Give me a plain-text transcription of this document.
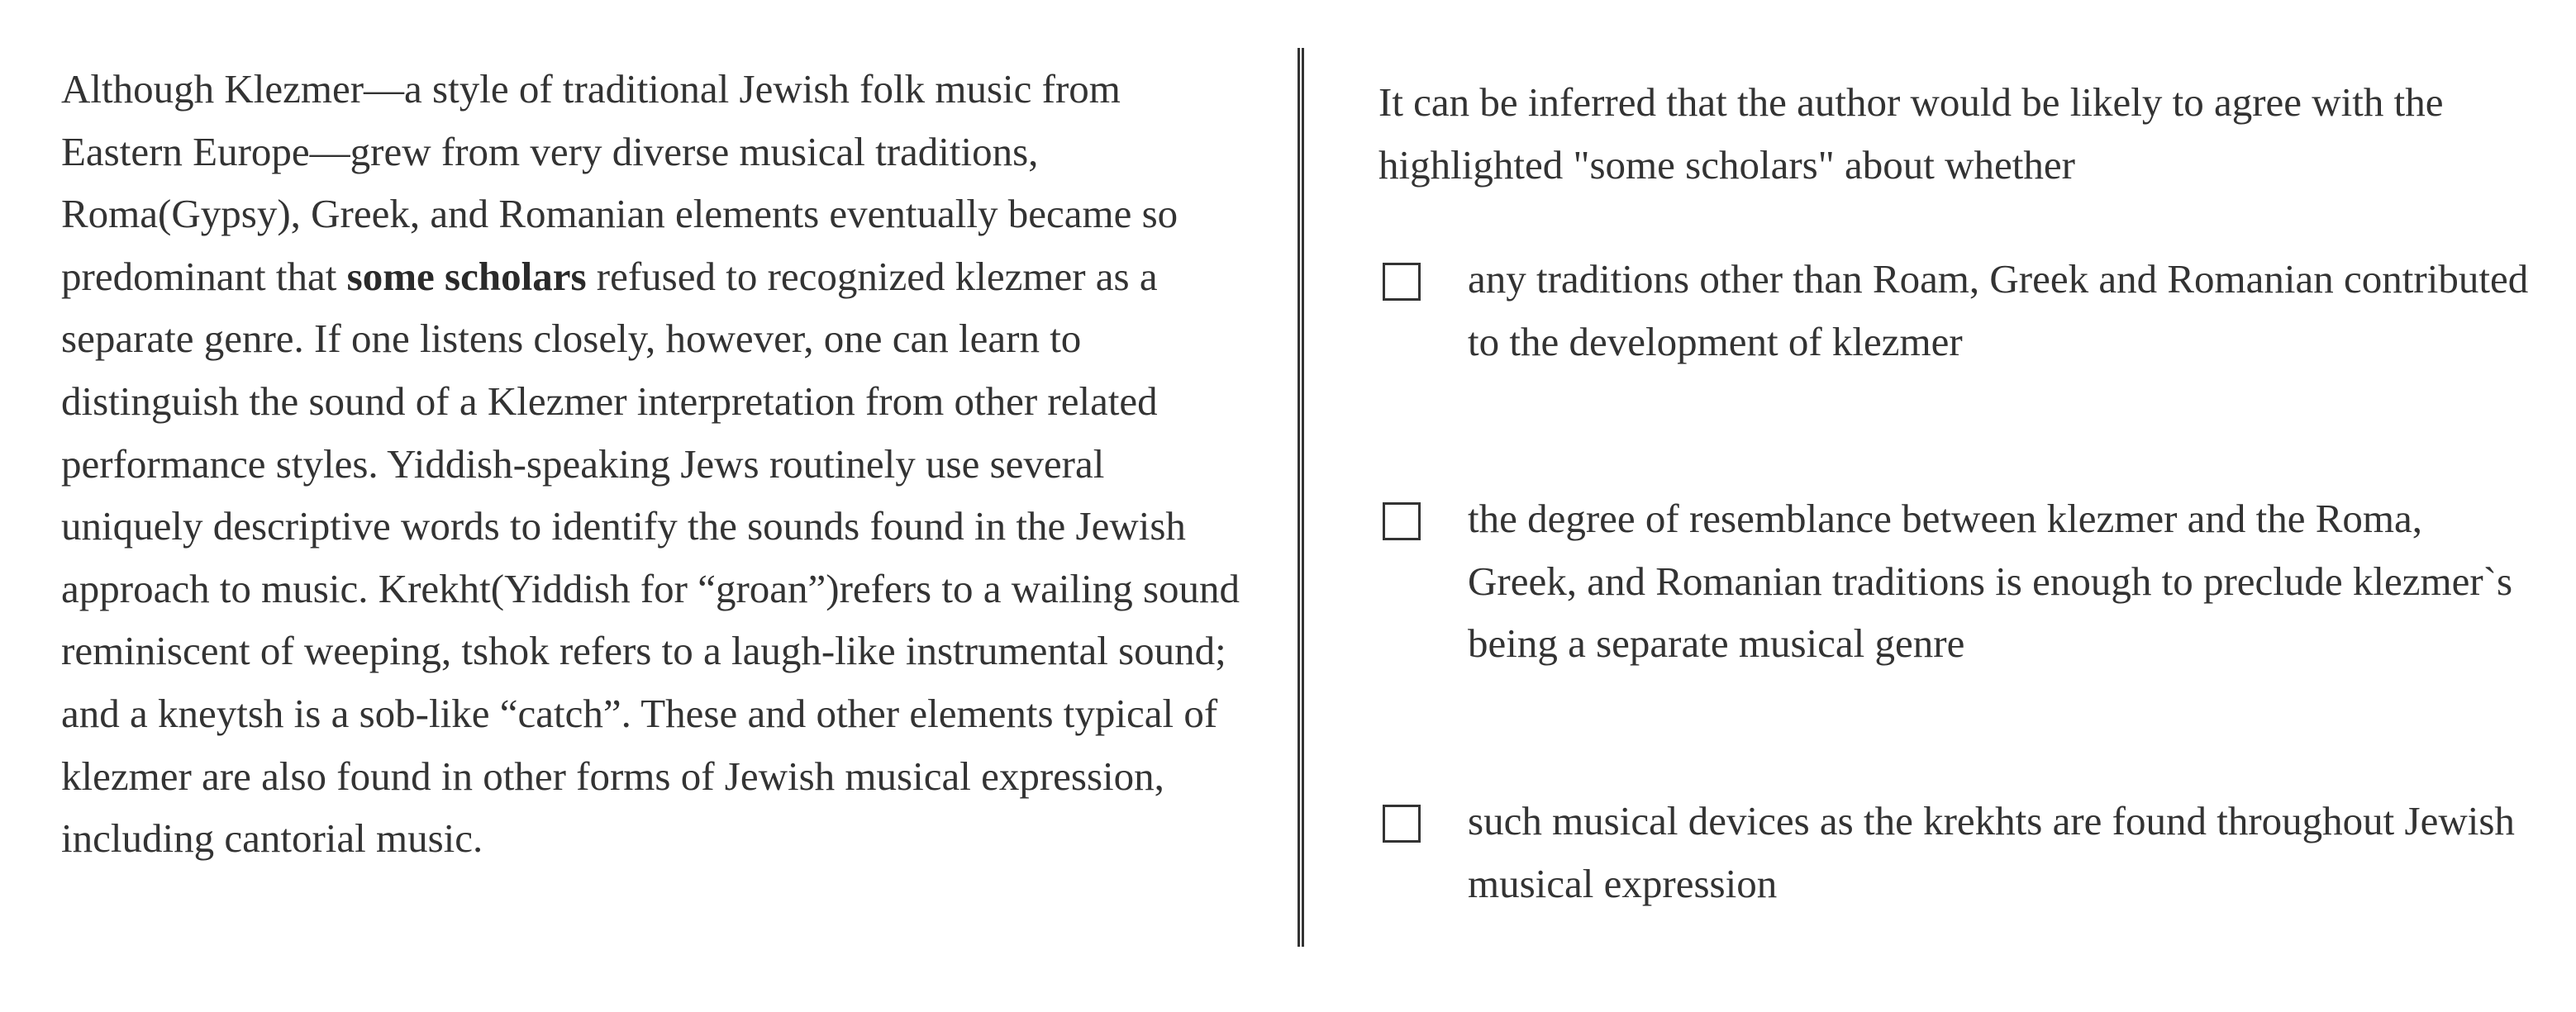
Although Klezmer—a style of traditional Jewish folk music from Eastern Europe—grew from very diverse musical traditions, Roma(Gypsy), Greek, and Romanian elements eventually became so predominant that some scholars refused to recognized klezmer as a separate genre. If one listens closely, however, one can learn to distinguish the sound of a Klezmer interpretation from other related performance styles. Yiddish-speaking Jews routinely use several uniquely descriptive words to identify the sounds found in the Jewish approach to music. Krekht(Yiddish for “groan”)refers to a wailing sound reminiscent of weeping, tshok refers to a laugh-like instrumental sound; and a kneytsh is a sob-like “catch”. These and other elements typical of klezmer are also found in other forms of Jewish musical expression, including cantorial music.

It can be inferred that the author would be likely to agree with the highlighted "some scholars" about whether

any traditions other than Roam, Greek and Romanian contributed to the development of klezmer
the degree of resemblance between klezmer and the Roma, Greek, and Romanian traditions is enough to preclude klezmer`s being a separate musical genre
such musical devices as the krekhts are found throughout Jewish musical expression
